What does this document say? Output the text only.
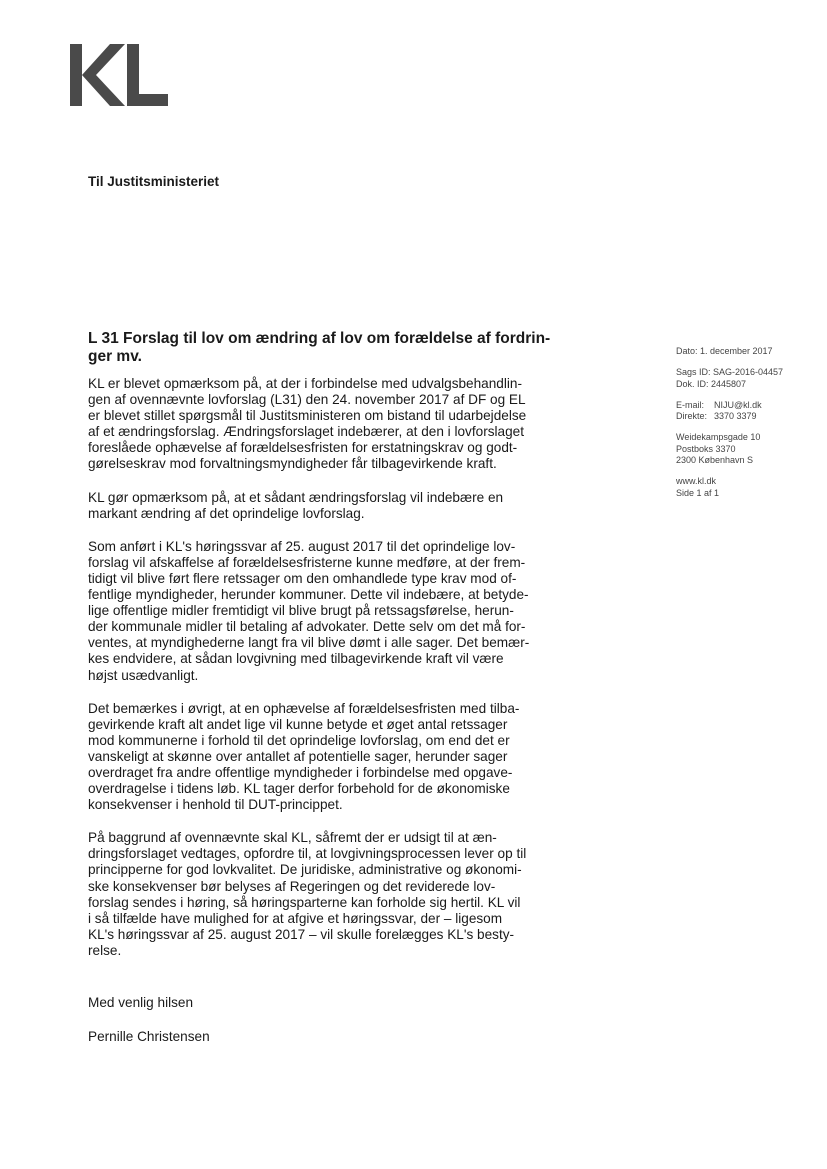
Til Justitsministeriet
L 31 Forslag til lov om ændring af lov om forældelse af fordrin-
ger mv.

KL er blevet opmærksom på, at der i forbindelse med udvalgsbehandlin-
gen af ovennævnte lovforslag (L31) den 24. november 2017 af DF og EL
er blevet stillet spørgsmål til Justitsministeren om bistand til udarbejdelse
af et ændringsforslag. Ændringsforslaget indebærer, at den i lovforslaget
foreslåede ophævelse af forældelsesfristen for erstatningskrav og godt-
gørelseskrav mod forvaltningsmyndigheder får tilbagevirkende kraft.

KL gør opmærksom på, at et sådant ændringsforslag vil indebære en
markant ændring af det oprindelige lovforslag.

Som anført i KL's høringssvar af 25. august 2017 til det oprindelige lov-
forslag vil afskaffelse af forældelsesfristerne kunne medføre, at der frem-
tidigt vil blive ført flere retssager om den omhandlede type krav mod of-
fentlige myndigheder, herunder kommuner. Dette vil indebære, at betyde-
lige offentlige midler fremtidigt vil blive brugt på retssagsførelse, herun-
der kommunale midler til betaling af advokater. Dette selv om det må for-
ventes, at myndighederne langt fra vil blive dømt i alle sager. Det bemær-
kes endvidere, at sådan lovgivning med tilbagevirkende kraft vil være
højst usædvanligt.

Det bemærkes i øvrigt, at en ophævelse af forældelsesfristen med tilba-
gevirkende kraft alt andet lige vil kunne betyde et øget antal retssager
mod kommunerne i forhold til det oprindelige lovforslag, om end det er
vanskeligt at skønne over antallet af potentielle sager, herunder sager
overdraget fra andre offentlige myndigheder i forbindelse med opgave-
overdragelse i tidens løb. KL tager derfor forbehold for de økonomiske
konsekvenser i henhold til DUT-princippet.

På baggrund af ovennævnte skal KL, såfremt der er udsigt til at æn-
dringsforslaget vedtages, opfordre til, at lovgivningsprocessen lever op til
principperne for god lovkvalitet. De juridiske, administrative og økonomi-
ske konsekvenser bør belyses af Regeringen og det reviderede lov-
forslag sendes i høring, så høringsparterne kan forholde sig hertil. KL vil
i så tilfælde have mulighed for at afgive et høringssvar, der – ligesom
KL's høringssvar af 25. august 2017 – vil skulle forelægges KL's besty-
relse.

Med venlig hilsen
Pernille Christensen
Dato: 1. december 2017
Sags ID: SAG-2016-04457
Dok. ID: 2445807
E-mail: NIJU@kl.dk
Direkte: 3370 3379
Weidekampsgade 10
Postboks 3370
2300 København S
www.kl.dk
Side 1 af 1
